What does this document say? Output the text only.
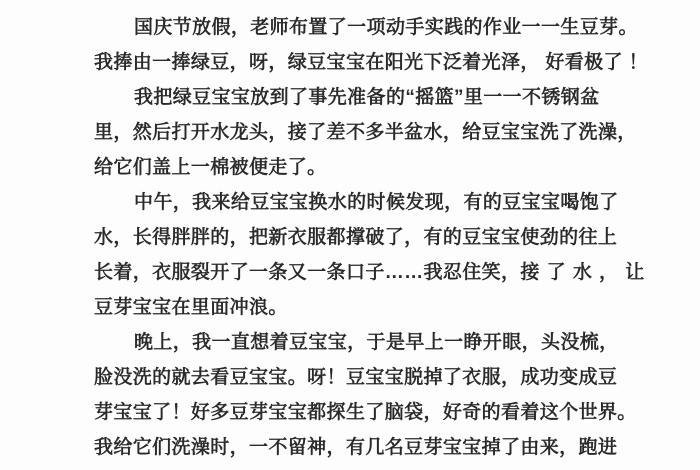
国庆节放假，老师布置了一项动手实践的作业一一生豆芽。
我捧由一捧绿豆，呀，绿豆宝宝在阳光下泛着光泽， 好看极了 ！
我把绿豆宝宝放到了事先准备的“摇篮”里一一不锈钢盆
里，然后打开水龙头，接了差不多半盆水，给豆宝宝洗了洗澡，
给它们盖上一棉被便走了。
中午，我来给豆宝宝换水的时候发现， 有的豆宝宝喝饱了
水，长得胖胖的，把新衣服都撑破了， 有的豆宝宝使劲的往上
长着，衣服裂开了一条又一条口子……我忍住笑， 接了水，让
豆芽宝宝在里面冲浪。
晚上，我一直想着豆宝宝，于是早上一睁开眼，头没梳，
脸没洗的就去看豆宝宝。呀！豆宝宝脱掉了衣服，成功变成豆
芽宝宝了！好多豆芽宝宝都探生了脑袋， 好奇的看着这个世界。
我给它们洗澡时，一不留神，有几名豆芽宝宝掉了由来， 跑进
